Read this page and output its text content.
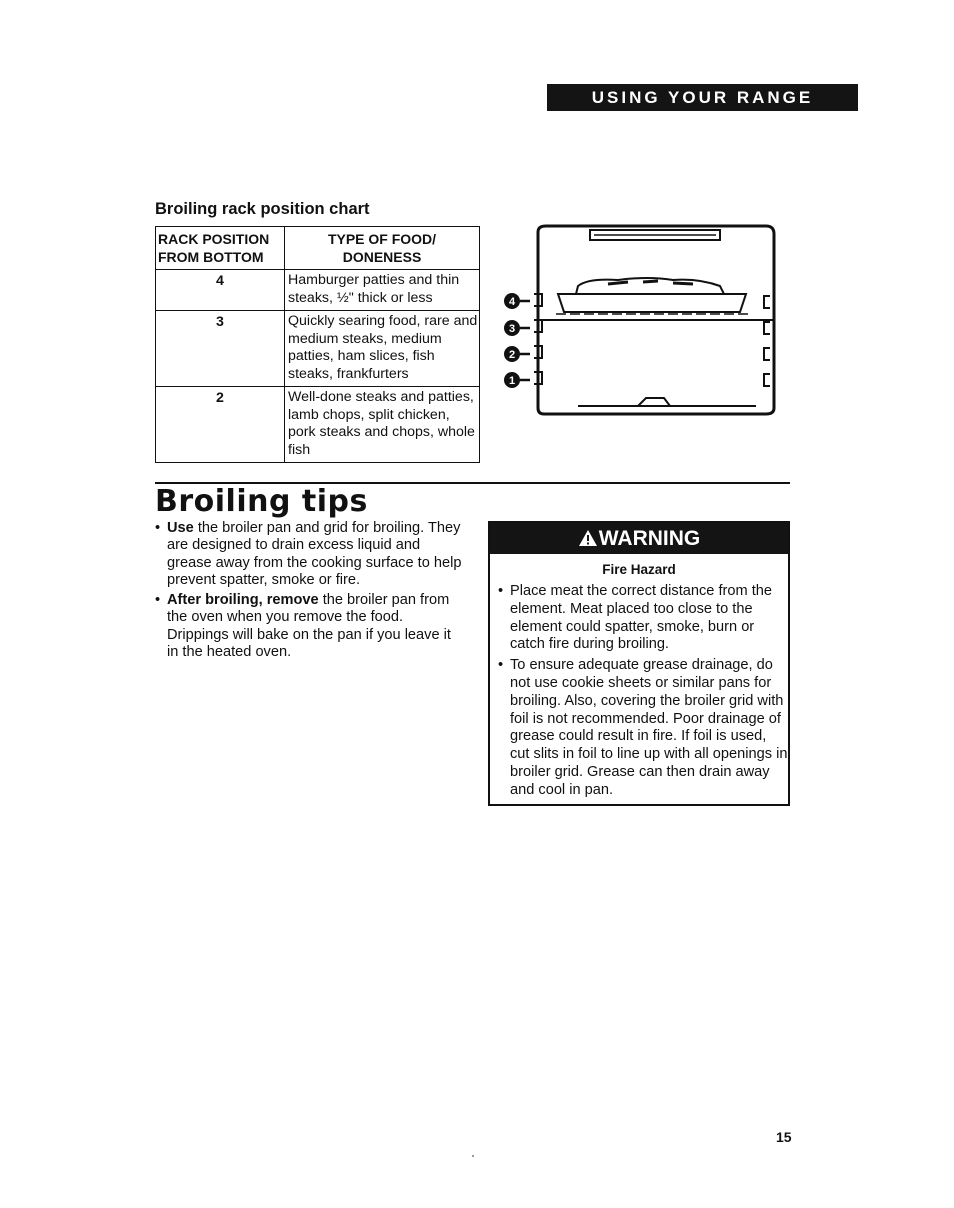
USING YOUR RANGE
Broiling rack position chart
RACK POSITION FROM BOTTOM	TYPE OF FOOD/ DONENESS
4	Hamburger patties and thin steaks, ½" thick or less
3	Quickly searing food, rare and medium steaks, medium patties, ham slices, fish steaks, frankfurters
2	Well-done steaks and patties, lamb chops, split chicken, pork steaks and chops, whole fish
4
3
2
1
Broiling tips
• Use the broiler pan and grid for broiling. They are designed to drain excess liquid and grease away from the cooking surface to help prevent spatter, smoke or fire.
• After broiling, remove the broiler pan from the oven when you remove the food. Drippings will bake on the pan if you leave it in the heated oven.
WARNING
Fire Hazard
• Place meat the correct distance from the element. Meat placed too close to the element could spatter, smoke, burn or catch fire during broiling.
• To ensure adequate grease drainage, do not use cookie sheets or similar pans for broiling. Also, covering the broiler grid with foil is not recommended. Poor drainage of grease could result in fire. If foil is used, cut slits in foil to line up with all openings in broiler grid. Grease can then drain away and cool in pan.
15
